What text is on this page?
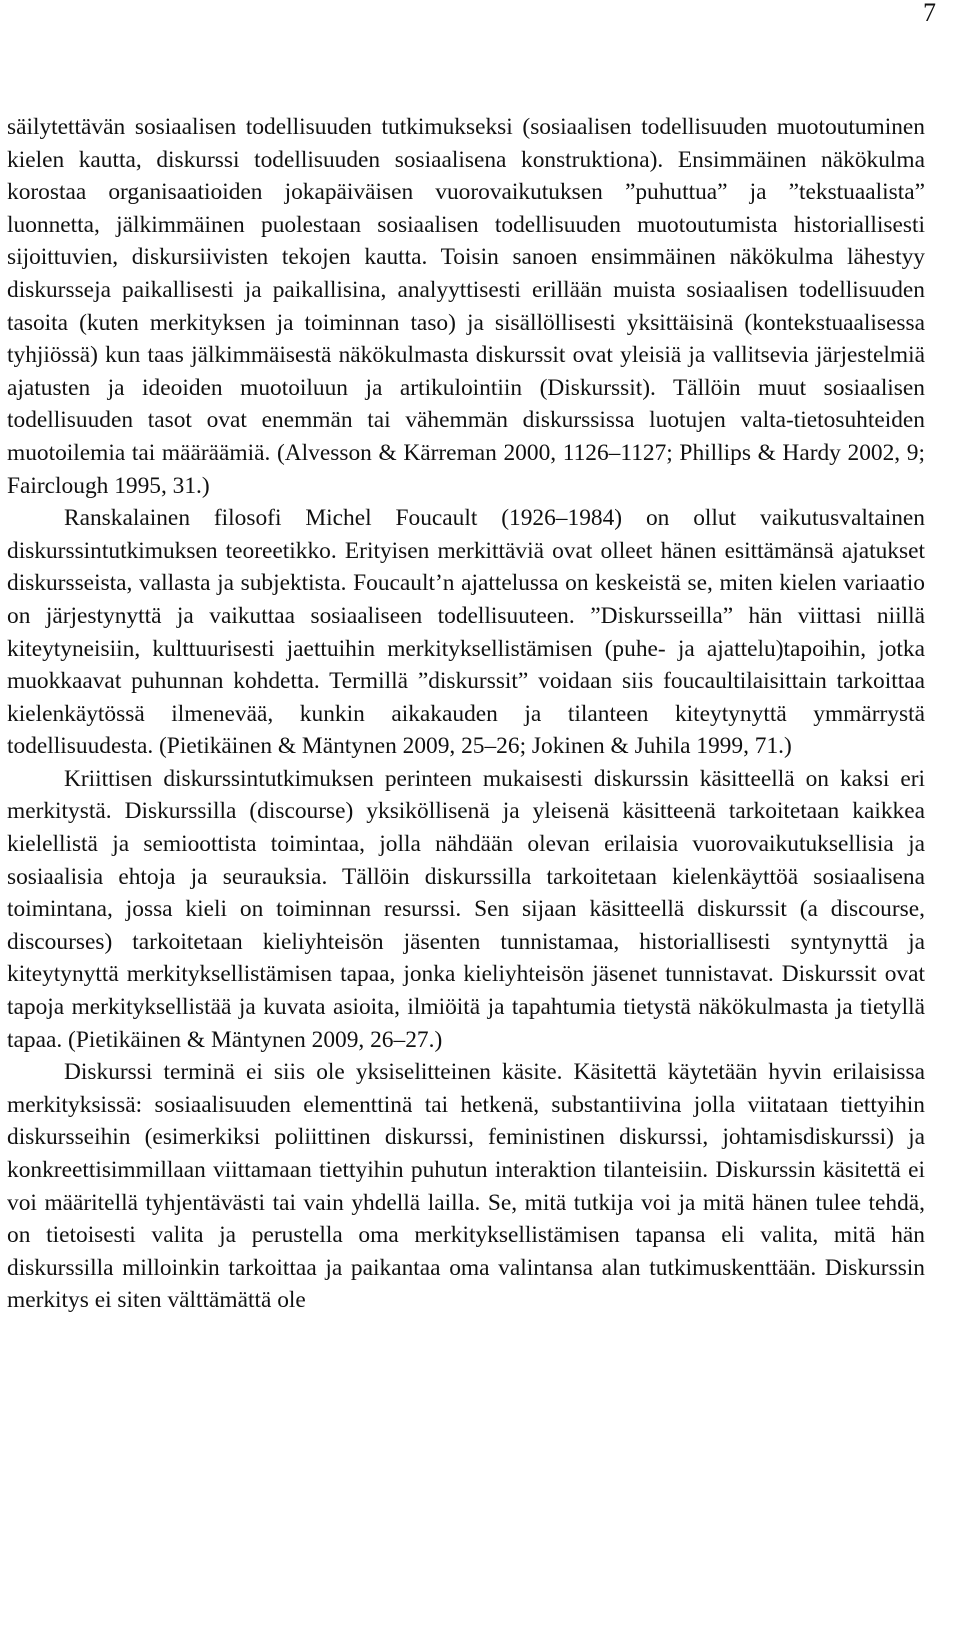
7

säilytettävän sosiaalisen todellisuuden tutkimukseksi (sosiaalisen todellisuuden muotoutuminen kielen kautta, diskurssi todellisuuden sosiaalisena konstruktiona). Ensimmäinen näkökulma korostaa organisaatioiden jokapäiväisen vuorovaikutuksen ”puhuttua” ja ”tekstuaalista” luonnetta, jälkimmäinen puolestaan sosiaalisen todellisuuden muotoutumista historiallisesti sijoittuvien, diskursiivisten tekojen kautta. Toisin sanoen ensimmäinen näkökulma lähestyy diskursseja paikallisesti ja paikallisina, analyyttisesti erillään muista sosiaalisen todellisuuden tasoita (kuten merkityksen ja toiminnan taso) ja sisällöllisesti yksittäisinä (kontekstuaalisessa tyhjiössä) kun taas jälkimmäisestä näkökulmasta diskurssit ovat yleisiä ja vallitsevia järjestelmiä ajatusten ja ideoiden muotoiluun ja artikulointiin (Diskurssit). Tällöin muut sosiaalisen todellisuuden tasot ovat enemmän tai vähemmän diskurssissa luotujen valta-tietosuhteiden muotoilemia tai määräämiä. (Alvesson & Kärreman 2000, 1126–1127; Phillips & Hardy 2002, 9; Fairclough 1995, 31.)

Ranskalainen filosofi Michel Foucault (1926–1984) on ollut vaikutusvaltainen diskurssintutkimuksen teoreetikko. Erityisen merkittäviä ovat olleet hänen esittämänsä ajatukset diskursseista, vallasta ja subjektista. Foucault’n ajattelussa on keskeistä se, miten kielen variaatio on järjestynyttä ja vaikuttaa sosiaaliseen todellisuuteen. ”Diskursseilla” hän viittasi niillä kiteytyneisiin, kulttuurisesti jaettuihin merkityksellistämisen (puhe- ja ajattelu)tapoihin, jotka muokkaavat puhunnan kohdetta. Termillä ”diskurssit” voidaan siis foucaultilaisittain tarkoittaa kielenkäytössä ilmenevää, kunkin aikakauden ja tilanteen kiteytynyttä ymmärrystä todellisuudesta. (Pietikäinen & Mäntynen 2009, 25–26; Jokinen & Juhila 1999, 71.)

Kriittisen diskurssintutkimuksen perinteen mukaisesti diskurssin käsitteellä on kaksi eri merkitystä. Diskurssilla (discourse) yksiköllisenä ja yleisenä käsitteenä tarkoitetaan kaikkea kielellistä ja semioottista toimintaa, jolla nähdään olevan erilaisia vuorovaikutuksellisia ja sosiaalisia ehtoja ja seurauksia. Tällöin diskurssilla tarkoitetaan kielenkäyttöä sosiaalisena toimintana, jossa kieli on toiminnan resurssi. Sen sijaan käsitteellä diskurssit (a discourse, discourses) tarkoitetaan kieliyhteisön jäsenten tunnistamaa, historiallisesti syntynyttä ja kiteytynyttä merkityksellistämisen tapaa, jonka kieliyhteisön jäsenet tunnistavat. Diskurssit ovat tapoja merkityksellistää ja kuvata asioita, ilmiöitä ja tapahtumia tietystä näkökulmasta ja tietyllä tapaa. (Pietikäinen & Mäntynen 2009, 26–27.)

Diskurssi terminä ei siis ole yksiselitteinen käsite. Käsitettä käytetään hyvin erilaisissa merkityksissä: sosiaalisuuden elementtinä tai hetkenä, substantiivina jolla viitataan tiettyihin diskursseihin (esimerkiksi poliittinen diskurssi, feministinen diskurssi, johtamisdiskurssi) ja konkreettisimmillaan viittamaan tiettyihin puhutun interaktion tilanteisiin. Diskurssin käsitettä ei voi määritellä tyhjentävästi tai vain yhdellä lailla. Se, mitä tutkija voi ja mitä hänen tulee tehdä, on tietoisesti valita ja perustella oma merkityksellistämisen tapansa eli valita, mitä hän diskurssilla milloinkin tarkoittaa ja paikantaa oma valintansa alan tutkimuskenttään. Diskurssin merkitys ei siten välttämättä ole
